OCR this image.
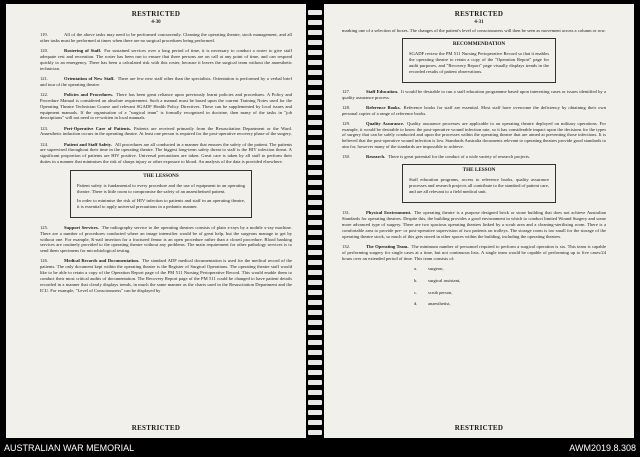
RESTRICTED
4-30

119.	All of the above tasks may need to be performed concurrently. Cleaning the operating theatre, stock management, and all other tasks must be performed at times when there are no surgical procedures being performed.

120.	Rostering of Staff. For sustained services over a long period of time, it is necessary to conduct a roster to give staff adequate rest and recreation. The roster has been run to ensure that three persons are on call at any point of time, and can respond quickly to an emergency. There has been a calculated risk with this roster, because it leaves the surgical team without the anaesthetic technician.

121.	Orientation of New Staff. There are few new staff other than the specialists. Orientation is performed by a verbal brief and tour of the operating theatre.

122.	Policies and Procedures. There has been great reliance upon previously learnt policies and procedures. A Policy and Procedure Manual is considered an absolute requirement. Such a manual must be based upon the current Training Notes used for the Operating Theatre Technician Course and relevant SGADF Health Policy Directives. These can be supplemented by local issues and equipment manuals. If the organisation of a "surgical team" is formally recognised in doctrine, then many of the tasks in "job descriptions" will not need to re-written in local manuals.

123.	Peri-Operative Care of Patients. Patients are received primarily from the Resuscitation Department or the Ward. Anaesthetic induction occurs in the operating theatre. At least one person is required for the post-operative recovery phase of the surgery.

124.	Patient and Staff Safety. All procedures are all conducted in a manner that ensures the safety of the patient. The patients are supervised throughout their time in the operating theatre. The biggest long-term safety threat to staff is the HIV infection threat. A significant proportion of patients are HIV positive. Universal precautions are taken. Great care is taken by all staff to perform their duties in a manner that minimises the risk of sharps injury or other exposure to blood. An analysis of the data is provided elsewhere.

THE LESSONS

Patient safety is fundamental to every procedure and the use of equipment in an operating theatre. There is little room to compromise the safety of an anaesthetised patient.

In order to minimise the risk of HIV infection to patients and staff in an operating theatre, it is essential to apply universal precautions in a pedantic manner.

125.	Support Services. The radiography service to the operating theatres consists of plain x-rays by a mobile x-ray machine. There are a number of procedures conducted where an image intensifier would be of great help, but the surgeons manage to get by without one. For example, K-nail insertion for a fractured femur is an open procedure rather than a closed procedure. Blood banking services are routinely provided to the operating theatre without any problems. The main requirement for other pathology services is to send them specimens for microbiological testing.

126.	Medical Records and Documentation. The standard ADF medical documentation is used for the medical record of the patients. The only document kept within the operating theatre is the Register of Surgical Operations. The operating theatre staff would like to be able to retain a copy of the Operation Report page of the PM 511 Nursing Perioperative Record. This would enable them to conduct their most critical audits of documentation. The Recovery Report page of the PM 511 could be changed to have patient details recorded in a manner that clearly displays trends, in much the same manner as the charts used in the Resuscitation Department and the ICU. For example, "Level of Consciousness" can be displayed by

RESTRICTED
RESTRICTED
4-31

marking one of a selection of boxes. The changes of the patient's level of consciousness will then be seen as movement across a column or row.

RECOMMENDATION

SGADF review the PM 511 Nursing Perioperative Record so that it enables the operating theatre to retain a copy of the "Operation Report" page for audit purposes, and "Recovery Report" page visually displays trends in the recorded results of patient observations.

127.	Staff Education. It would be desirable to run a staff education programme based upon interesting cases or issues identified by a quality assurance process.

128.	Reference Books. Reference books for staff are essential. Most staff have overcome the deficiency by obtaining their own personal copies of a range of reference books.

129.	Quality Assurance. Quality assurance processes are applicable to an operating theatre deployed on military operations. For example, it would be desirable to know the post-operative wound infection rate, so it has considerable impact upon the decisions for the types of surgery that can be safely conducted and upon the processes within the operating theatre that are aimed at preventing those infections. It is believed that the post-operative wound infection is low. Standards Australia documents relevant to operating theatres provide good standards to aim for, however many of the standards are impossible to achieve.

130.	Research. There is great potential for the conduct of a wide variety of research projects.

THE LESSON

Staff education programs, access to reference books, quality assurance processes and research projects all contribute to the standard of patient care, and are all relevant to a field medical unit.

131.	Physical Environment. The operating theatre is a purpose designed brick or stone building that does not achieve Australian Standards for operating theatres. Despite this, the building provides a good environment in which to conduct limited Wound Surgery and some more advanced type of surgery. There are two spacious operating theatres linked by a scrub area and a cleaning-sterilising room. There is a comfortable area to provide pre- or post-operative supervision of two patients on trolleys. The storage room is too small for the storage of the operating theatre stock, so much of this gets stored in other spaces within the building, including the operating theatres.

132.	The Operating Team. The minimum number of personnel required to perform a surgical operation is six. This team is capable of performing surgery for single cases at a time, but not continuous lists. A single team would be capable of performing up to five cases/24 hours over an extended period of time. This team consists of:

a. surgeon,
b. surgical assistant,
c. scrub person,
d. anaesthetist,
RESTRICTED
AUSTRALIAN WAR MEMORIAL	AWM2019.8.308
